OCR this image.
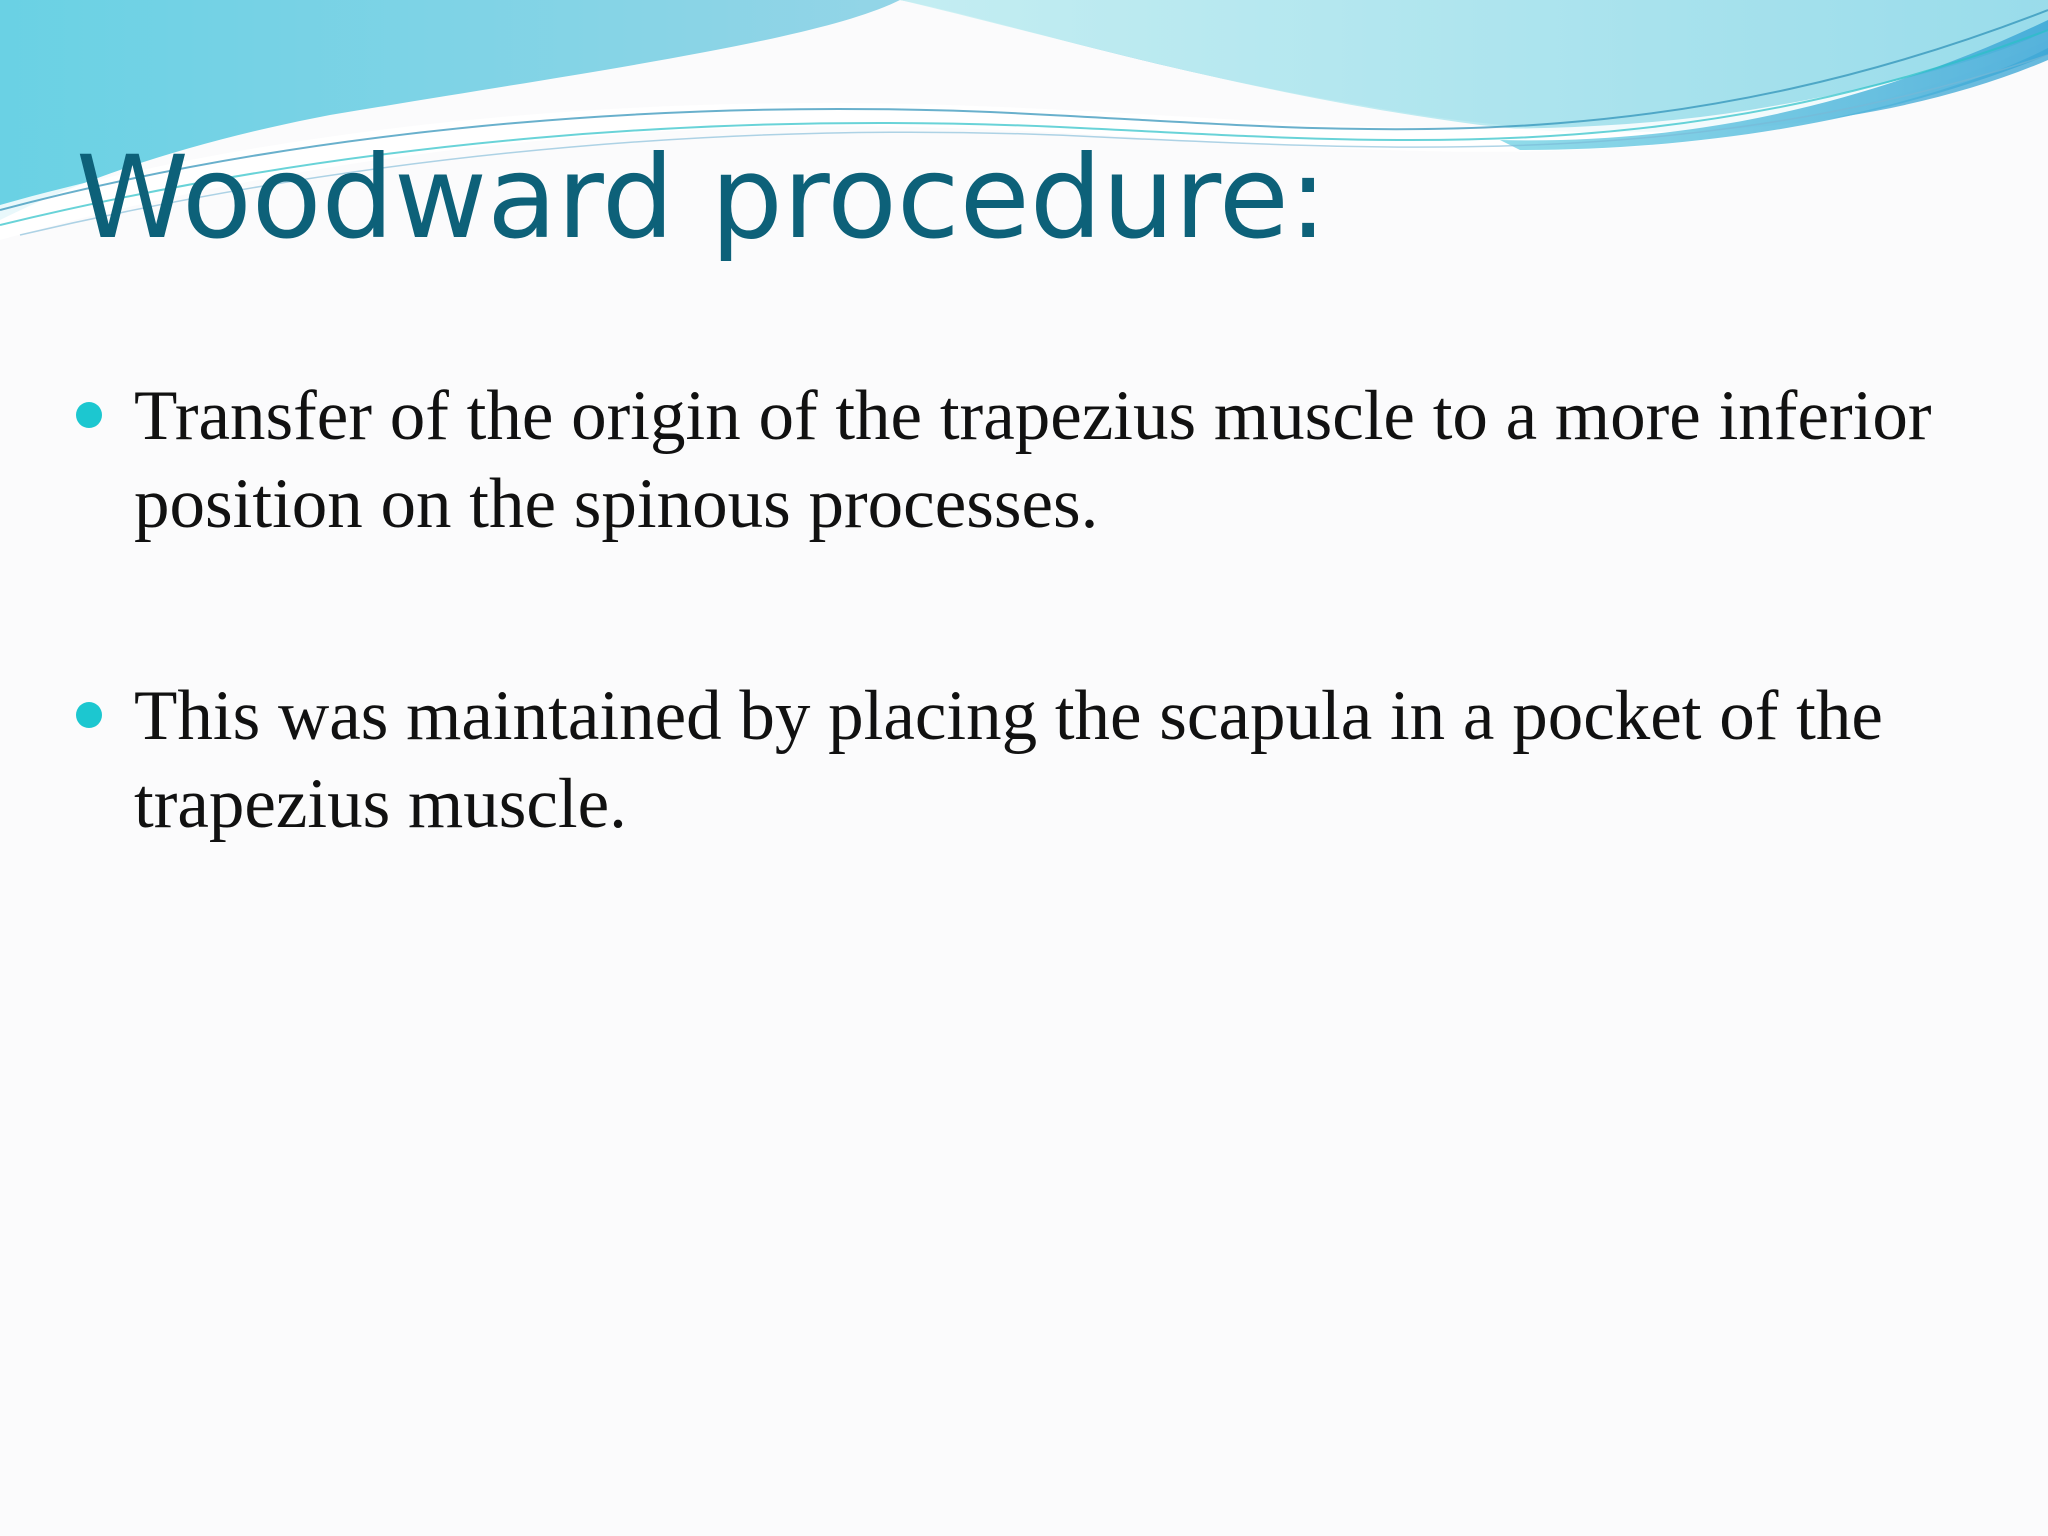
Woodward procedure:
Transfer of the origin of the trapezius muscle to a more inferior position on the spinous processes.
This was maintained by placing the scapula in a pocket of the trapezius muscle.
